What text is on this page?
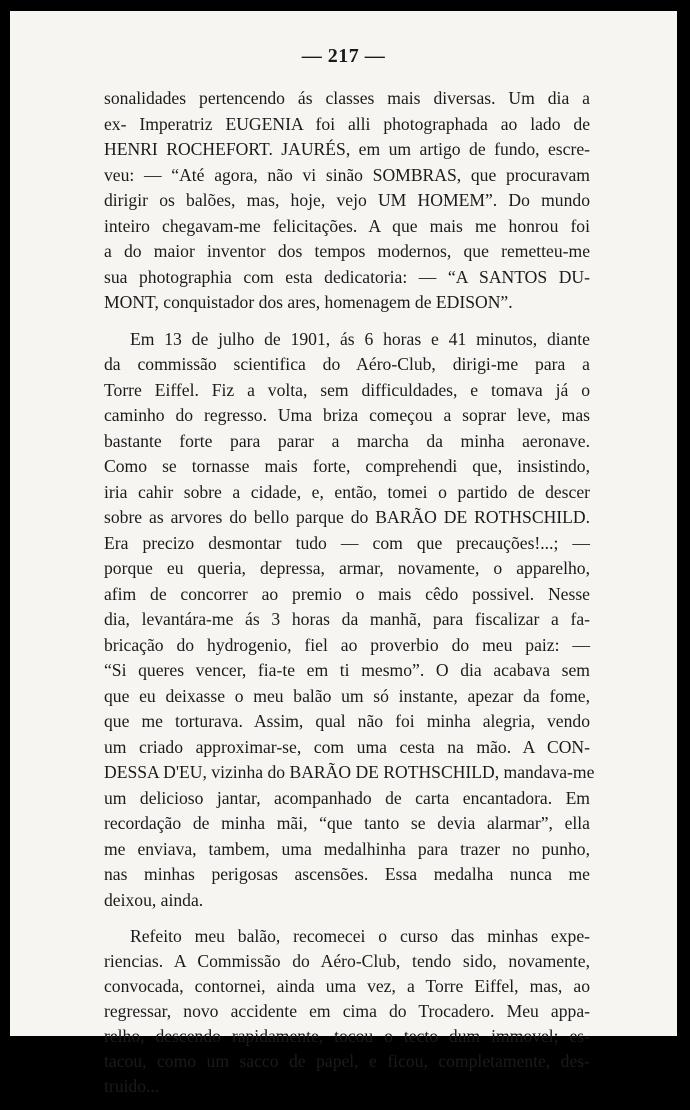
— 217 —
sonalidades pertencendo ás classes mais diversas. Um dia a
ex- Imperatriz EUGENIA foi alli photographada ao lado de
HENRI ROCHEFORT. JAURÉS, em um artigo de fundo, escre-
veu: — “Até agora, não vi sinão SOMBRAS, que procuravam
dirigir os balões, mas, hoje, vejo UM HOMEM”. Do mundo
inteiro chegavam-me felicitações. A que mais me honrou foi
a do maior inventor dos tempos modernos, que remetteu-me
sua photographia com esta dedicatoria: — “A SANTOS DU-
MONT, conquistador dos ares, homenagem de EDISON”.
Em 13 de julho de 1901, ás 6 horas e 41 minutos, diante
da commissão scientifica do Aéro-Club, dirigi-me para a
Torre Eiffel. Fiz a volta, sem difficuldades, e tomava já o
caminho do regresso. Uma briza começou a soprar leve, mas
bastante forte para parar a marcha da minha aeronave.
Como se tornasse mais forte, comprehendi que, insistindo,
iria cahir sobre a cidade, e, então, tomei o partido de descer
sobre as arvores do bello parque do BARÃO DE ROTHSCHILD.
Era precizo desmontar tudo — com que precauções!...; —
porque eu queria, depressa, armar, novamente, o apparelho,
afim de concorrer ao premio o mais cêdo possivel. Nesse
dia, levantára-me ás 3 horas da manhã, para fiscalizar a fa-
bricação do hydrogenio, fiel ao proverbio do meu paiz: —
“Si queres vencer, fia-te em ti mesmo”. O dia acabava sem
que eu deixasse o meu balão um só instante, apezar da fome,
que me torturava. Assim, qual não foi minha alegria, vendo
um criado approximar-se, com uma cesta na mão. A CON-
DESSA D'EU, vizinha do BARÃO DE ROTHSCHILD, mandava-me
um delicioso jantar, acompanhado de carta encantadora. Em
recordação de minha mãi, “que tanto se devia alarmar”, ella
me enviava, tambem, uma medalhinha para trazer no punho,
nas minhas perigosas ascensões. Essa medalha nunca me
deixou, ainda.
Refeito meu balão, recomecei o curso das minhas expe-
riencias. A Commissão do Aéro-Club, tendo sido, novamente,
convocada, contornei, ainda uma vez, a Torre Eiffel, mas, ao
regressar, novo accidente em cima do Trocadero. Meu appa-
relho, descendo rapidamente, tocou o tecto dum immovel; es-
tacou, como um sacco de papel, e ficou, completamente, des-
truido...
